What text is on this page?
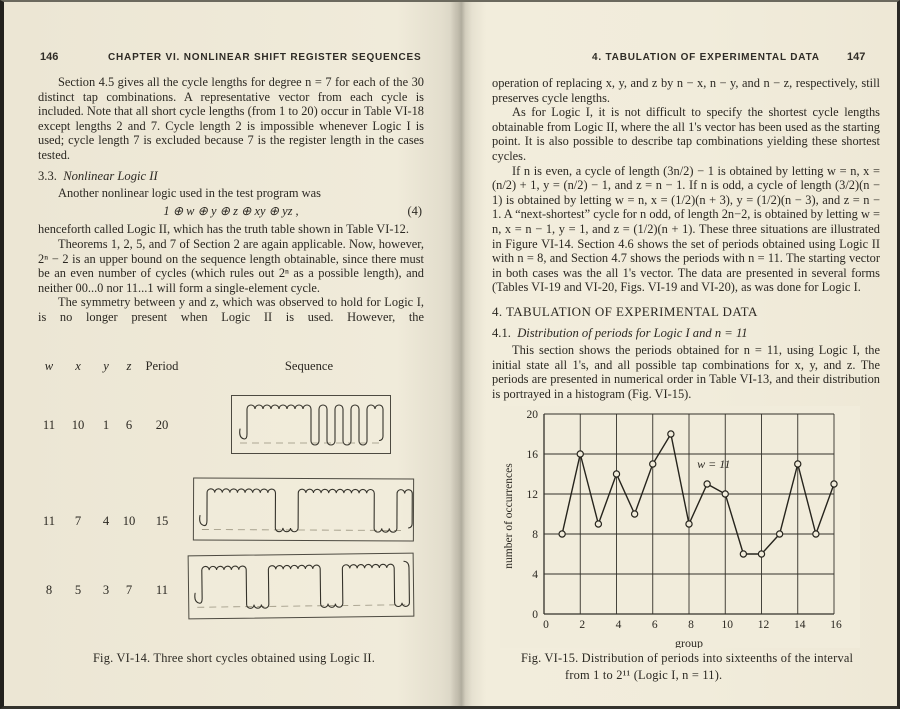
146	CHAPTER VI. NONLINEAR SHIFT REGISTER SEQUENCES

Section 4.5 gives all the cycle lengths for degree n = 7 for each of the 30 distinct tap combinations. A representative vector from each cycle is included. Note that all short cycle lengths (from 1 to 20) occur in Table VI-18 except lengths 2 and 7. Cycle length 2 is impossible whenever Logic I is used; cycle length 7 is excluded because 7 is the register length in the cases tested.

3.3. Nonlinear Logic II

Another nonlinear logic used in the test program was

1 ⊕ w ⊕ y ⊕ z ⊕ xy ⊕ yz ,	(4)

henceforth called Logic II, which has the truth table shown in Table VI-12.

Theorems 1, 2, 5, and 7 of Section 2 are again applicable. Now, however, 2ⁿ − 2 is an upper bound on the sequence length obtainable, since there must be an even number of cycles (which rules out 2ⁿ as a possible length), and neither 00...0 nor 11...1 will form a single-element cycle.

The symmetry between y and z, which was observed to hold for Logic I, is no longer present when Logic II is used. However, the

w	x	y	z	Period	Sequence
11	10	1	6	20
11	7	4	10	15
8	5	3	7	11
Fig. VI-14. Three short cycles obtained using Logic II.
4. TABULATION OF EXPERIMENTAL DATA 147

operation of replacing x, y, and z by n − x, n − y, and n − z, respectively, still preserves cycle lengths.

As for Logic I, it is not difficult to specify the shortest cycle lengths obtainable from Logic II, where the all 1's vector has been used as the starting point. It is also possible to describe tap combinations yielding these shortest cycles.

If n is even, a cycle of length (3n/2) − 1 is obtained by letting w = n, x = (n/2) + 1, y = (n/2) − 1, and z = n − 1. If n is odd, a cycle of length (3/2)(n − 1) is obtained by letting w = n, x = (1/2)(n + 3), y = (1/2)(n − 3), and z = n − 1. A “next-shortest” cycle for n odd, of length 2n−2, is obtained by letting w = n, x = n − 1, y = 1, and z = (1/2)(n + 1). These three situations are illustrated in Figure VI-14. Section 4.6 shows the set of periods obtained using Logic II with n = 8, and Section 4.7 shows the periods with n = 11. The starting vector in both cases was the all 1's vector. The data are presented in several forms (Tables VI-19 and VI-20, Figs. VI-19 and VI-20), as was done for Logic I.

4. TABULATION OF EXPERIMENTAL DATA

4.1. Distribution of periods for Logic I and n = 11

This section shows the periods obtained for n = 11, using Logic I, the initial state all 1's, and all possible tap combinations for x, y, and z. The periods are presented in numerical order in Table VI-13, and their distribution is portrayed in a histogram (Fig. VI-15).

0
4
8
12
16
20
0	2	4	6	8 10 12 14 16
number of occurrences
group
w = 11
Fig. VI-15. Distribution of periods into sixteenths of the interval
from 1 to 2¹¹ (Logic I, n = 11).
